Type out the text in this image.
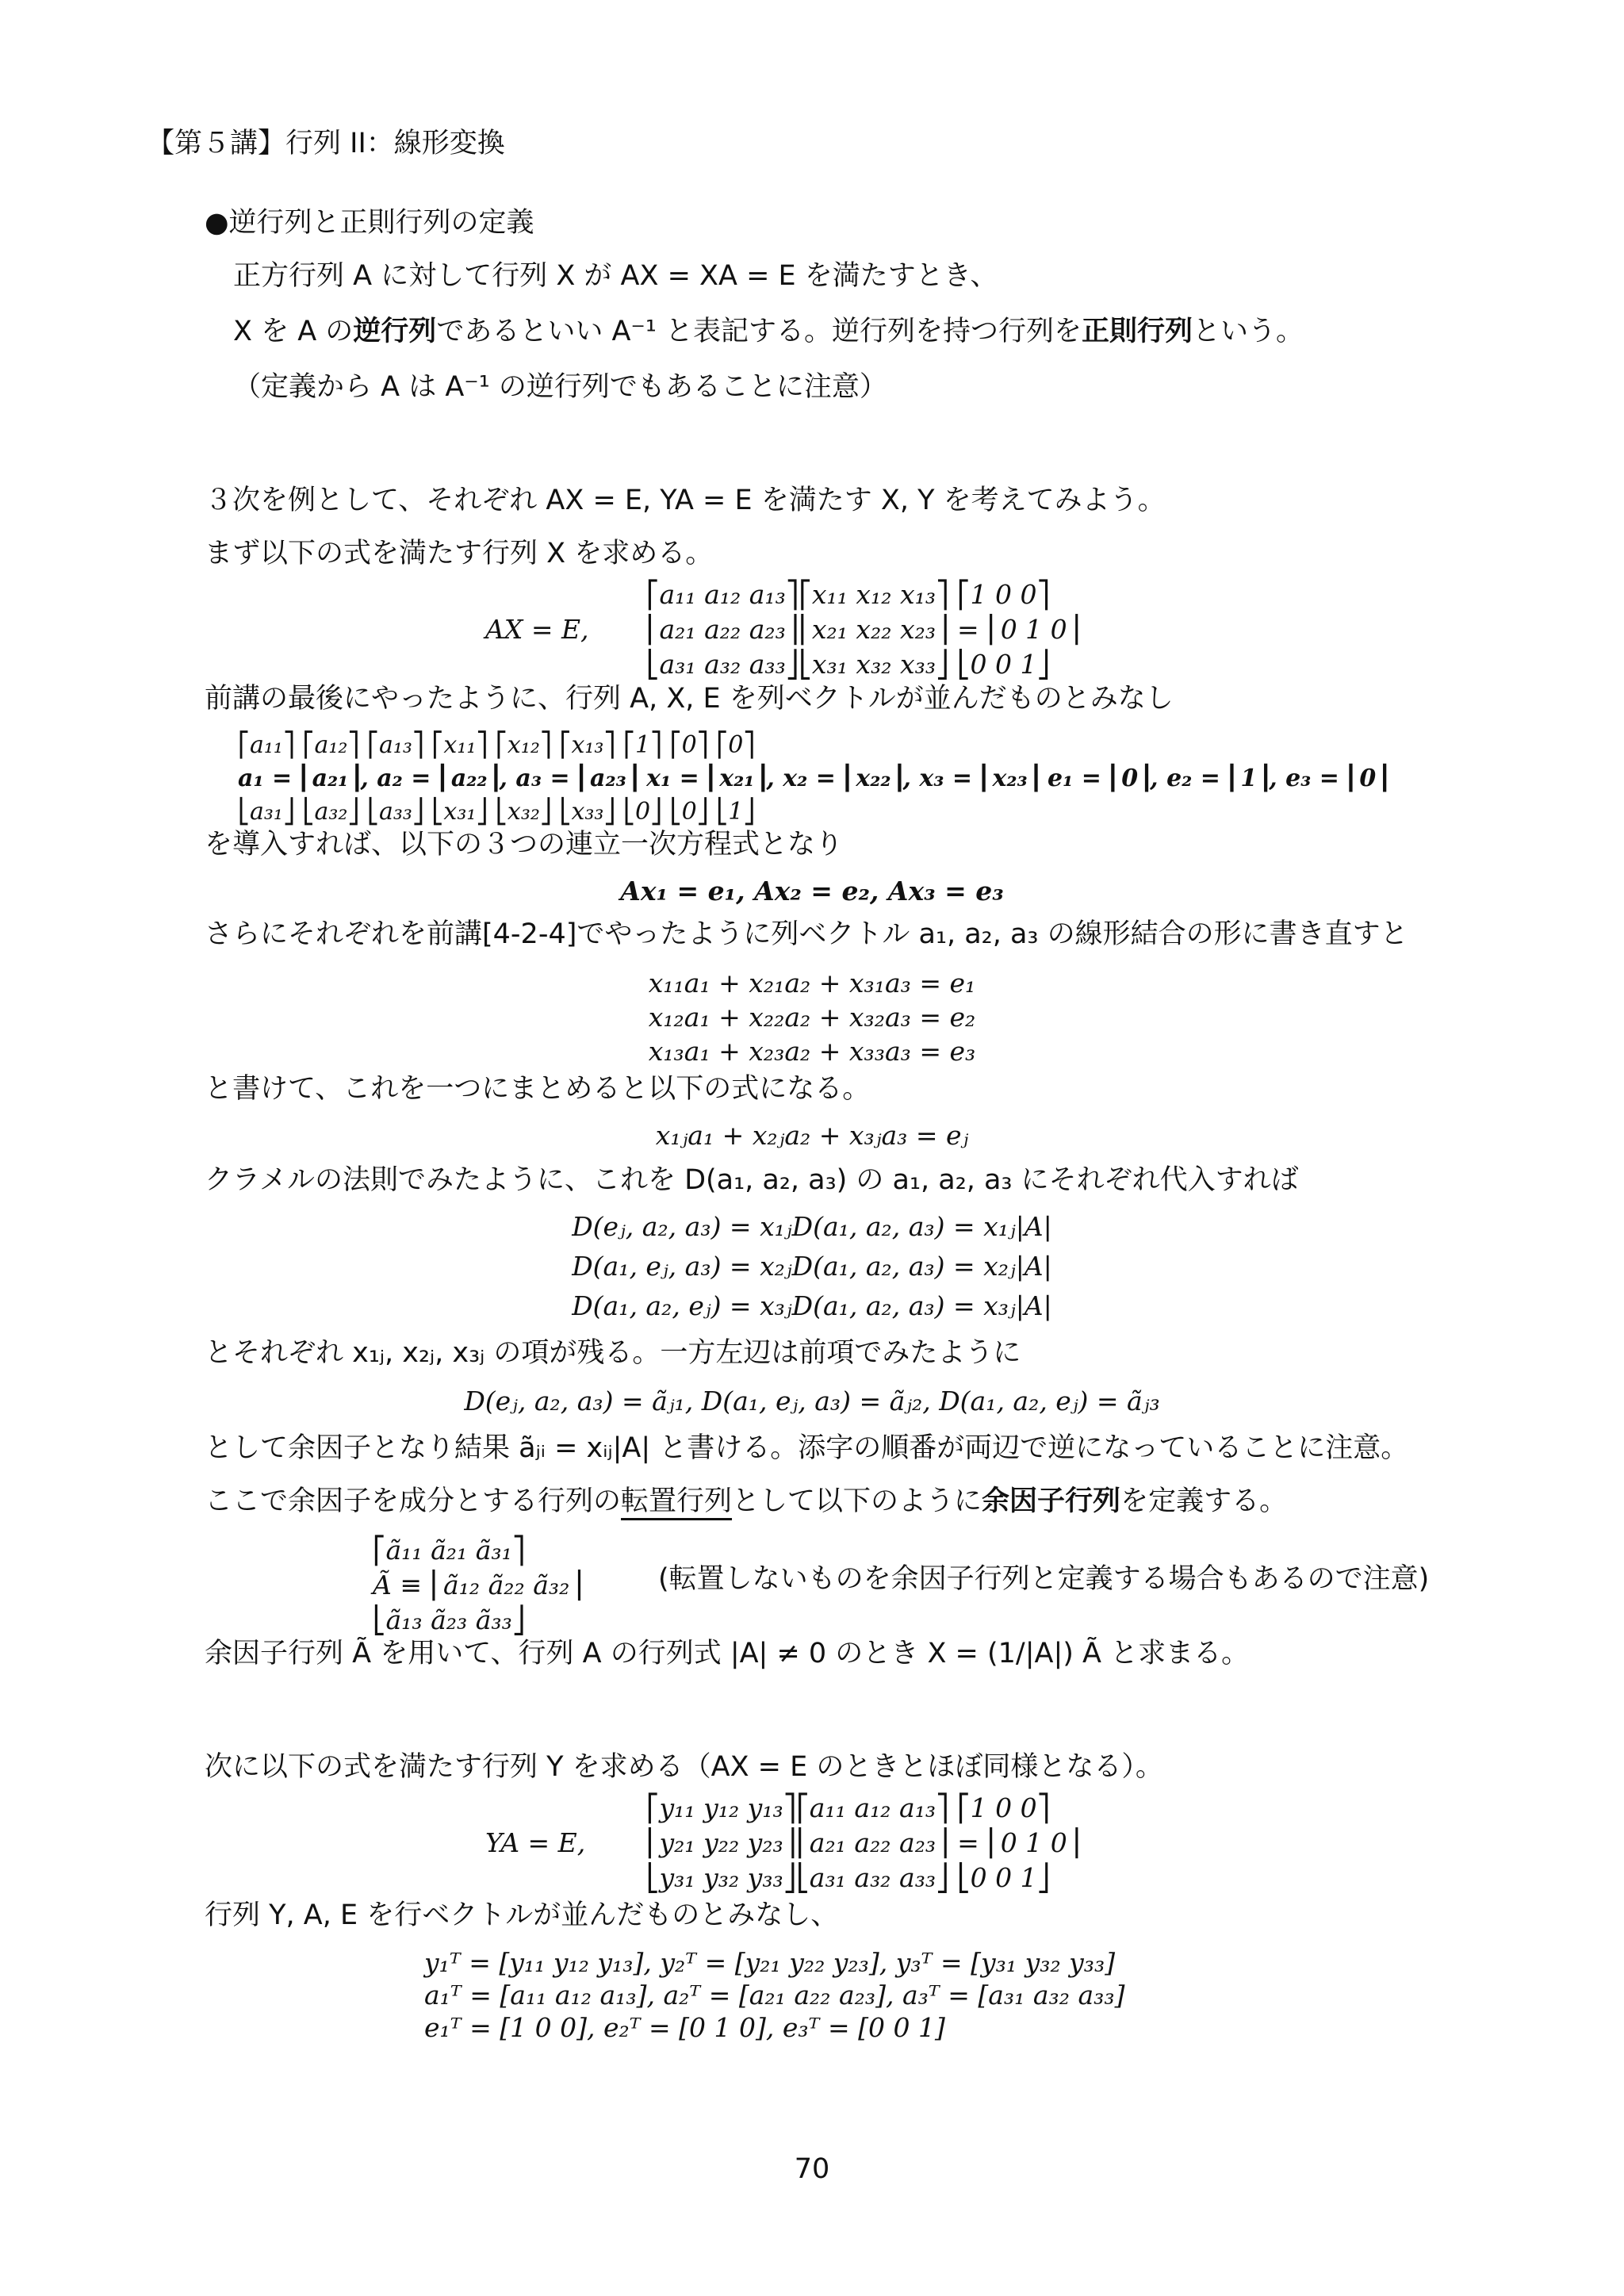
【第５講】行列 II：線形変換
●逆行列と正則行列の定義
正方行列 A に対して行列 X が AX = XA = E を満たすとき、
X を A の逆行列であるといい A⁻¹ と表記する。逆行列を持つ行列を正則行列という。
（定義から A は A⁻¹ の逆行列でもあることに注意）
３次を例として、それぞれ AX = E, YA = E を満たす X, Y を考えてみよう。
まず以下の式を満たす行列 X を求める。
AX = E,
⎡a₁₁ a₁₂ a₁₃⎤⎡x₁₁ x₁₂ x₁₃⎤ ⎡1 0 0⎤
⎢a₂₁ a₂₂ a₂₃⎥⎢x₂₁ x₂₂ x₂₃⎥ = ⎢0 1 0⎥
⎣a₃₁ a₃₂ a₃₃⎦⎣x₃₁ x₃₂ x₃₃⎦ ⎣0 0 1⎦
前講の最後にやったように、行列 A, X, E を列ベクトルが並んだものとみなし
⎡a₁₁⎤ ⎡a₁₂⎤ ⎡a₁₃⎤ ⎡x₁₁⎤ ⎡x₁₂⎤ ⎡x₁₃⎤ ⎡1⎤ ⎡0⎤ ⎡0⎤
a₁ = ⎢a₂₁⎥, a₂ = ⎢a₂₂⎥, a₃ = ⎢a₂₃⎥ x₁ = ⎢x₂₁⎥, x₂ = ⎢x₂₂⎥, x₃ = ⎢x₂₃⎥ e₁ = ⎢0⎥, e₂ = ⎢1⎥, e₃ = ⎢0⎥
⎣a₃₁⎦ ⎣a₃₂⎦ ⎣a₃₃⎦ ⎣x₃₁⎦ ⎣x₃₂⎦ ⎣x₃₃⎦ ⎣0⎦ ⎣0⎦ ⎣1⎦
を導入すれば、以下の３つの連立一次方程式となり
Ax₁ = e₁, Ax₂ = e₂, Ax₃ = e₃
さらにそれぞれを前講[4-2-4]でやったように列ベクトル a₁, a₂, a₃ の線形結合の形に書き直すと
x₁₁a₁ + x₂₁a₂ + x₃₁a₃ = e₁
x₁₂a₁ + x₂₂a₂ + x₃₂a₃ = e₂
x₁₃a₁ + x₂₃a₂ + x₃₃a₃ = e₃
と書けて、これを一つにまとめると以下の式になる。
x₁ⱼa₁ + x₂ⱼa₂ + x₃ⱼa₃ = eⱼ
クラメルの法則でみたように、これを D(a₁, a₂, a₃) の a₁, a₂, a₃ にそれぞれ代入すれば
D(eⱼ, a₂, a₃) = x₁ⱼD(a₁, a₂, a₃) = x₁ⱼ|A|
D(a₁, eⱼ, a₃) = x₂ⱼD(a₁, a₂, a₃) = x₂ⱼ|A|
D(a₁, a₂, eⱼ) = x₃ⱼD(a₁, a₂, a₃) = x₃ⱼ|A|
とそれぞれ x₁ⱼ, x₂ⱼ, x₃ⱼ の項が残る。一方左辺は前項でみたように
D(eⱼ, a₂, a₃) = ãⱼ₁, D(a₁, eⱼ, a₃) = ãⱼ₂, D(a₁, a₂, eⱼ) = ãⱼ₃
として余因子となり結果 ãⱼᵢ = xᵢⱼ|A| と書ける。添字の順番が両辺で逆になっていることに注意。
ここで余因子を成分とする行列の転置行列として以下のように余因子行列を定義する。
⎡ã₁₁ ã₂₁ ã₃₁⎤
Ã ≡ ⎢ã₁₂ ã₂₂ ã₃₂⎥
⎣ã₁₃ ã₂₃ ã₃₃⎦
(転置しないものを余因子行列と定義する場合もあるので注意)
余因子行列 Ã を用いて、行列 A の行列式 |A| ≠ 0 のとき X = (1/|A|) Ã と求まる。
次に以下の式を満たす行列 Y を求める（AX = E のときとほぼ同様となる）。
YA = E,
⎡y₁₁ y₁₂ y₁₃⎤⎡a₁₁ a₁₂ a₁₃⎤ ⎡1 0 0⎤
⎢y₂₁ y₂₂ y₂₃⎥⎢a₂₁ a₂₂ a₂₃⎥ = ⎢0 1 0⎥
⎣y₃₁ y₃₂ y₃₃⎦⎣a₃₁ a₃₂ a₃₃⎦ ⎣0 0 1⎦
行列 Y, A, E を行ベクトルが並んだものとみなし、
y₁ᵀ = [y₁₁ y₁₂ y₁₃], y₂ᵀ = [y₂₁ y₂₂ y₂₃], y₃ᵀ = [y₃₁ y₃₂ y₃₃]
a₁ᵀ = [a₁₁ a₁₂ a₁₃], a₂ᵀ = [a₂₁ a₂₂ a₂₃], a₃ᵀ = [a₃₁ a₃₂ a₃₃]
e₁ᵀ = [1 0 0], e₂ᵀ = [0 1 0], e₃ᵀ = [0 0 1]
70
